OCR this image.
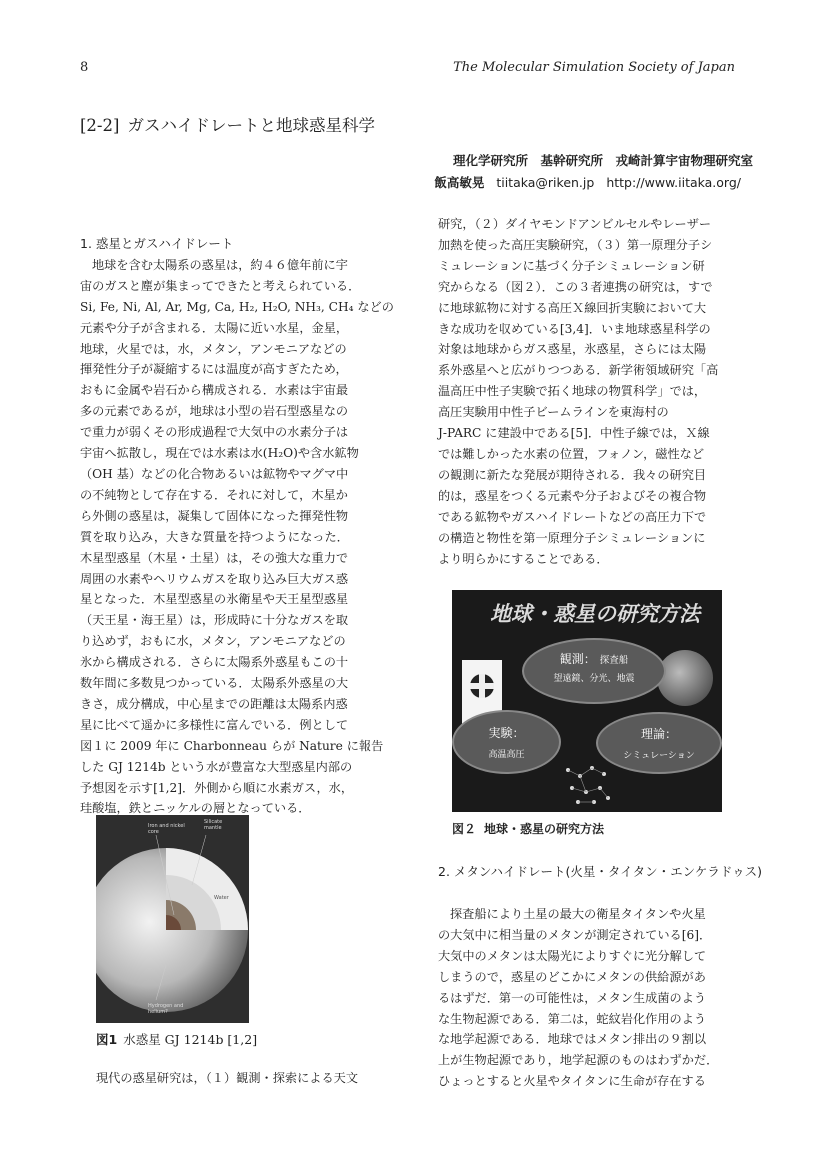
8	The Molecular Simulation Society of Japan
[2-2] ガスハイドレートと地球惑星科学
理化学研究所　基幹研究所　戎崎計算宇宙物理研究室
飯高敏晃 tiitaka@riken.jp http://www.iitaka.org/

1. 惑星とガスハイドレート

地球を含む太陽系の惑星は，約４６億年前に宇
宙のガスと塵が集まってできたと考えられている．
Si, Fe, Ni, Al, Ar, Mg, Ca, H₂, H₂O, NH₃, CH₄ などの
元素や分子が含まれる．太陽に近い水星，金星，
地球，火星では，水，メタン，アンモニアなどの
揮発性分子が凝縮するには温度が高すぎたため，
おもに金属や岩石から構成される．水素は宇宙最
多の元素であるが，地球は小型の岩石型惑星なの
で重力が弱くその形成過程で大気中の水素分子は
宇宙へ拡散し，現在では水素は水(H₂O)や含水鉱物
（OH 基）などの化合物あるいは鉱物やマグマ中
の不純物として存在する．それに対して，木星か
ら外側の惑星は，凝集して固体になった揮発性物
質を取り込み，大きな質量を持つようになった．
木星型惑星（木星・土星）は，その強大な重力で
周囲の水素やヘリウムガスを取り込み巨大ガス惑
星となった．木星型惑星の氷衛星や天王星型惑星
（天王星・海王星）は，形成時に十分なガスを取
り込めず，おもに水，メタン，アンモニアなどの
氷から構成される．さらに太陽系外惑星もこの十
数年間に多数見つかっている．太陽系外惑星の大
きさ，成分構成，中心星までの距離は太陽系内惑
星に比べて遥かに多様性に富んでいる．例として
図１に 2009 年に Charbonneau らが Nature に報告
した GJ 1214b という水が豊富な大型惑星内部の
予想図を示す[1,2]．外側から順に水素ガス，水，
珪酸塩，鉄とニッケルの層となっている．
Iron and nickel core
Silicate mantle
Water
Hydrogen and helium?
図1 水惑星 GJ 1214b [1,2]
現代の惑星研究は，（１）観測・探索による天文
研究，（２）ダイヤモンドアンビルセルやレーザー
加熱を使った高圧実験研究，（３）第一原理分子シ
ミュレーションに基づく分子シミュレーション研
究からなる（図２）．この３者連携の研究は，すで
に地球鉱物に対する高圧Ｘ線回折実験において大
きな成功を収めている[3,4]．いま地球惑星科学の
対象は地球からガス惑星，氷惑星，さらには太陽
系外惑星へと広がりつつある．新学術領域研究「高
温高圧中性子実験で拓く地球の物質科学」では，
高圧実験用中性子ビームラインを東海村の
J-PARC に建設中である[5]．中性子線では，Ｘ線
では難しかった水素の位置，フォノン，磁性など
の観測に新たな発展が期待される．我々の研究目
的は，惑星をつくる元素や分子およびその複合物
である鉱物やガスハイドレートなどの高圧力下で
の構造と物性を第一原理分子シミュレーションに
より明らかにすることである．
地球・惑星の研究方法
観測： 探査船
望遠鏡、分光、地震
実験：
高温高圧
理論：
シミュレーション
図２ 地球・惑星の研究方法
2. メタンハイドレート(火星・タイタン・エンケラドゥス)
探査船により土星の最大の衛星タイタンや火星
の大気中に相当量のメタンが測定されている[6]．
大気中のメタンは太陽光によりすぐに光分解して
しまうので，惑星のどこかにメタンの供給源があ
るはずだ．第一の可能性は，メタン生成菌のよう
な生物起源である．第二は，蛇紋岩化作用のよう
な地学起源である．地球ではメタン排出の９割以
上が生物起源であり，地学起源のものはわずかだ．
ひょっとすると火星やタイタンに生命が存在する
